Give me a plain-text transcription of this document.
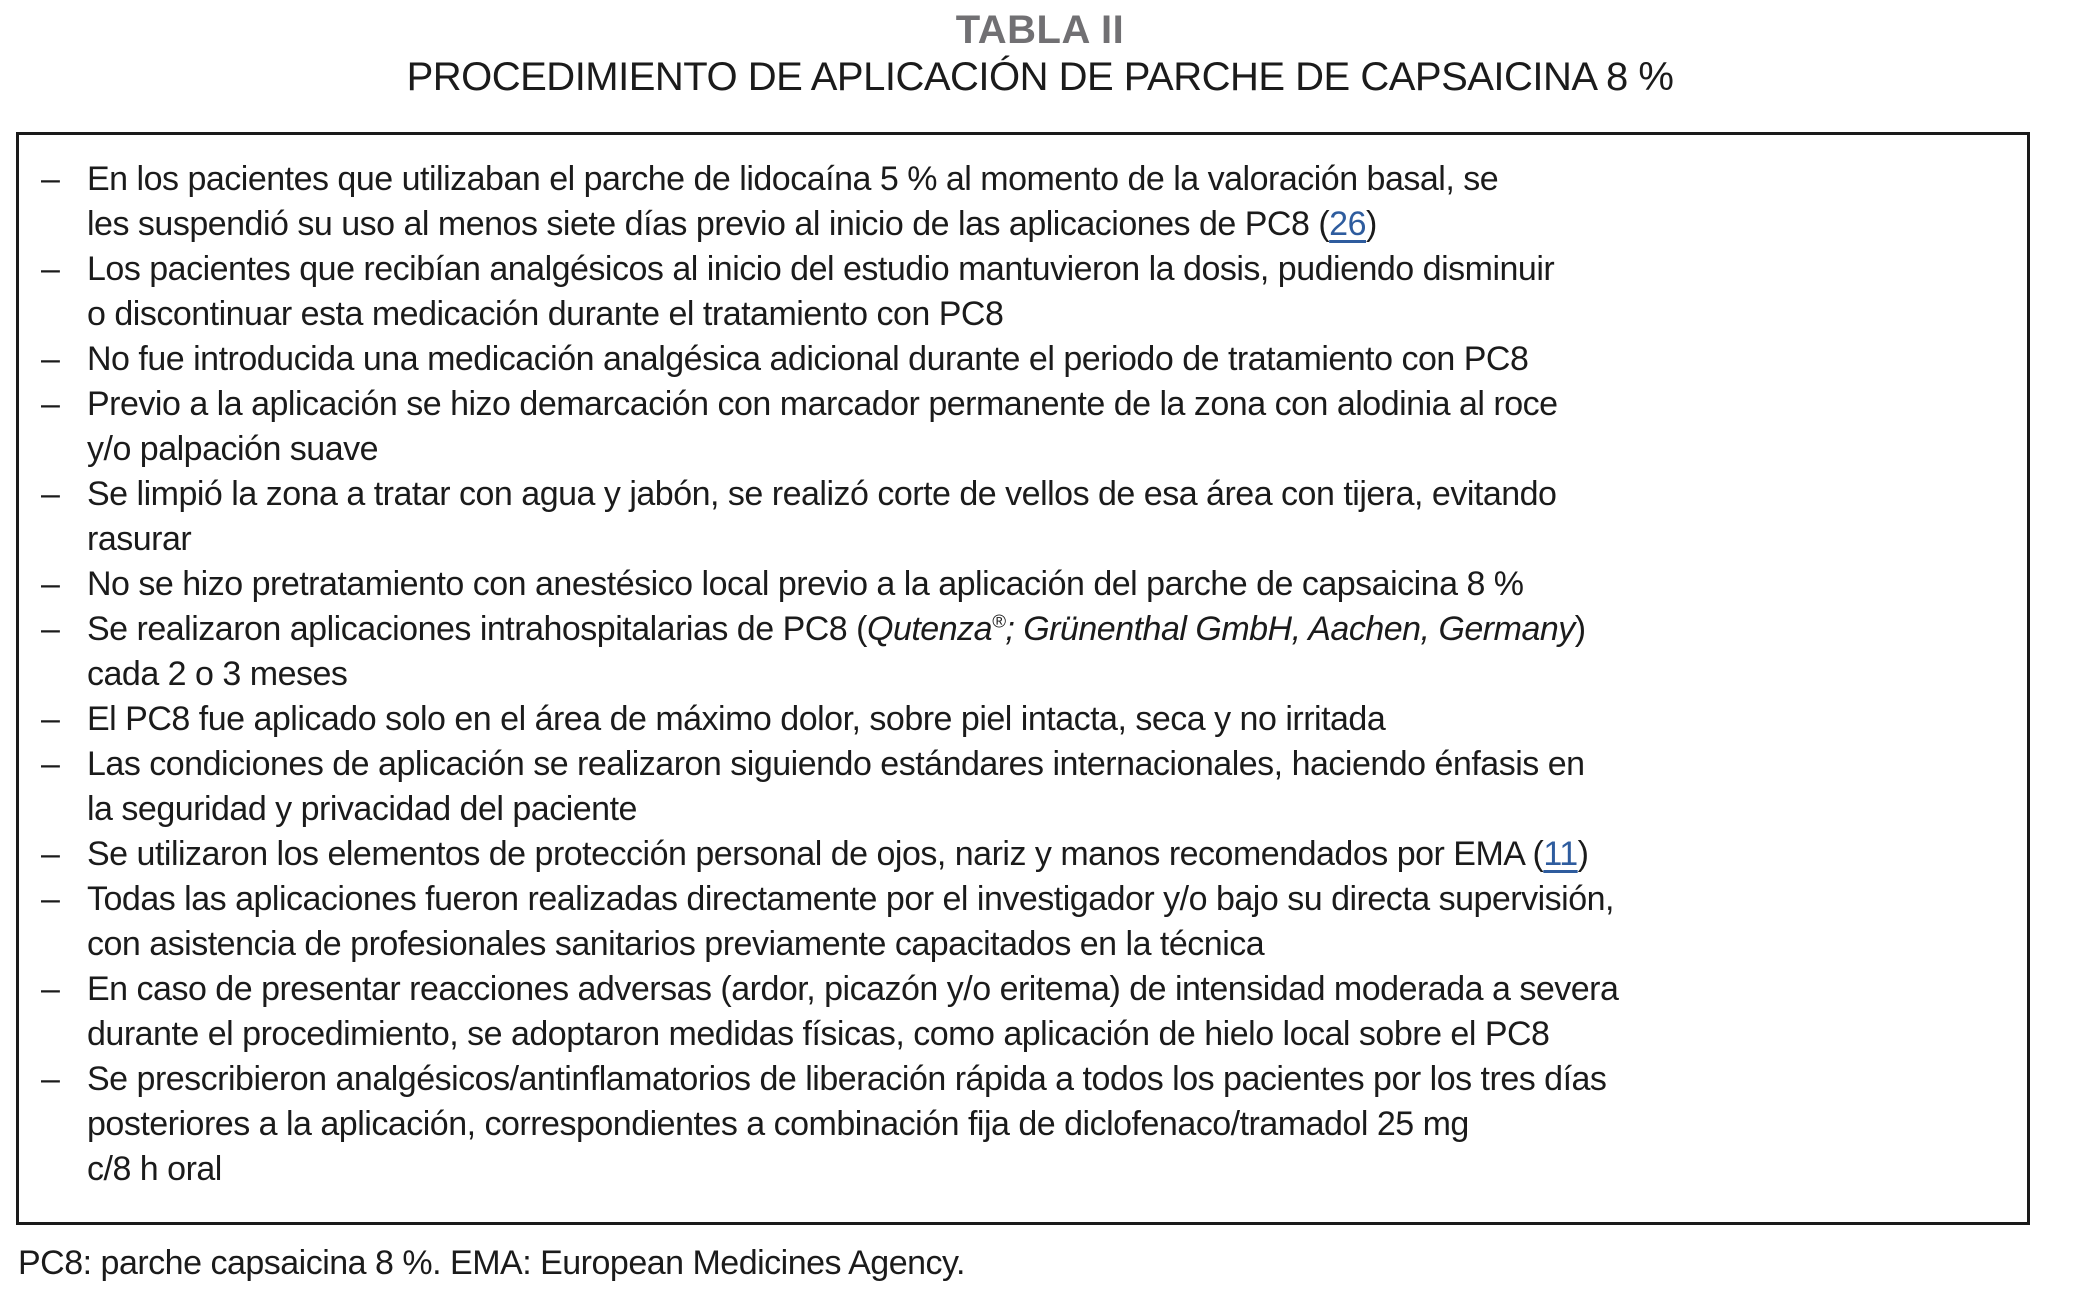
TABLA II
PROCEDIMIENTO DE APLICACIÓN DE PARCHE DE CAPSAICINA 8 %
– En los pacientes que utilizaban el parche de lidocaína 5 % al momento de la valoración basal, se
les suspendió su uso al menos siete días previo al inicio de las aplicaciones de PC8 (26)
– Los pacientes que recibían analgésicos al inicio del estudio mantuvieron la dosis, pudiendo disminuir
o discontinuar esta medicación durante el tratamiento con PC8
– No fue introducida una medicación analgésica adicional durante el periodo de tratamiento con PC8
– Previo a la aplicación se hizo demarcación con marcador permanente de la zona con alodinia al roce
y/o palpación suave
– Se limpió la zona a tratar con agua y jabón, se realizó corte de vellos de esa área con tijera, evitando
rasurar
– No se hizo pretratamiento con anestésico local previo a la aplicación del parche de capsaicina 8 %
– Se realizaron aplicaciones intrahospitalarias de PC8 (Qutenza®; Grünenthal GmbH, Aachen, Germany)
cada 2 o 3 meses
– El PC8 fue aplicado solo en el área de máximo dolor, sobre piel intacta, seca y no irritada
– Las condiciones de aplicación se realizaron siguiendo estándares internacionales, haciendo énfasis en
la seguridad y privacidad del paciente
– Se utilizaron los elementos de protección personal de ojos, nariz y manos recomendados por EMA (11)
– Todas las aplicaciones fueron realizadas directamente por el investigador y/o bajo su directa supervisión,
con asistencia de profesionales sanitarios previamente capacitados en la técnica
– En caso de presentar reacciones adversas (ardor, picazón y/o eritema) de intensidad moderada a severa
durante el procedimiento, se adoptaron medidas físicas, como aplicación de hielo local sobre el PC8
– Se prescribieron analgésicos/antinflamatorios de liberación rápida a todos los pacientes por los tres días
posteriores a la aplicación, correspondientes a combinación fija de diclofenaco/tramadol 25 mg
c/8 h oral
PC8: parche capsaicina 8 %. EMA: European Medicines Agency.
